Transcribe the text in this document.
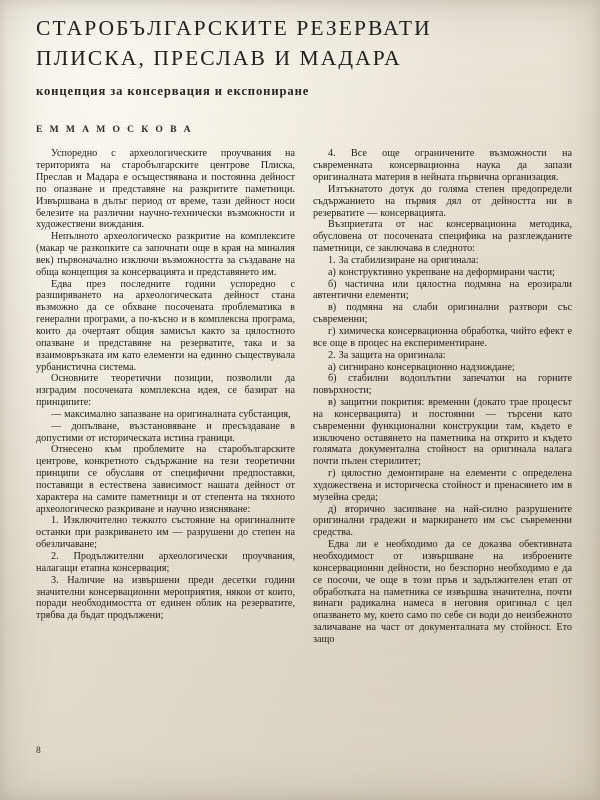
СТАРОБЪЛГАРСКИТЕ РЕЗЕРВАТИ
ПЛИСКА, ПРЕСЛАВ И МАДАРА
концепция за консервация и експониране
Е М М А М О С К О В А

Успоредно с археологическите проучвания на територията на старобългарските центрове Плиска, Преслав и Мадара е осъществявана и постоянна дейност по опазване и представяне на разкритите паметници. Извършвана в дълъг период от време, тази дейност носи белезите на различни научно-технически възможности и художествени виждания.

Непълното археологическо разкритие на комплексите (макар че разкопките са започнати още в края на миналия век) първоначално изключи възможността за създаване на обща концепция за консервацията и представянето им.

Едва през последните години успоредно с разширяването на археологическата дейност стана възможно да се обхване посочената проблематика в генерални програми, а по-късно и в комплексна програма, които да очертаят общия замисъл както за цялостното опазване и представяне на резерватите, така и за взаимовръзката им като елементи на единно съществувала урбанистична система.

Основните теоретични позиции, позволили да изградим посочената комплексна идея, се базират на принципите:

— максимално запазване на оригиналната субстанция,

— допълване, възстановяване и пресъздаване в допустими от историческата истина граници.

Отнесено към проблемите на старобългарските центрове, конкретното съдържание на тези теоретични принципи се обуславя от специфични предпоставки, поставящи в естествена зависимост нашата дейност от характера на самите паметници и от степента на тяхното археологическо разкриване и научно изясняване:

1. Изключително тежкото състояние на оригиналните останки при разкриването им — разрушени до степен на обезличаване;

2. Продължителни археологически проучвания, налагащи етапна консервация;

3. Наличие на извършени преди десетки години значителни консервационни мероприятия, някои от които, поради необходимостта от единен облик на резерватите, трябва да бъдат продължени;

4. Все още ограничените възможности на съвременната консервационна наука да запази оригиналната материя в нейната първична организация.

Изтъкнатото дотук до голяма степен предопредели съдържанието на първия дял от дейността ни в резерватите — консервацията.

Възприетата от нас консервационна методика, обусловена от посочената специфика на разглежданите паметници, се заключава в следното:

1. За стабилизиране на оригинала:

а) конструктивно укрепване на деформирани части;

б) частична или цялостна подмяна на ерозирали автентични елементи;

в) подмяна на слаби оригинални разтвори със съвременни;

г) химическа консервационна обработка, чийто ефект е все още в процес на експериментиране.

2. За защита на оригинала:

а) сигнирано консервационно надзиждане;

б) стабилни водоплътни запечатки на горните повърхности;

в) защитни покрития: временни (докато трае процесът на консервацията) и постоянни — търсени като съвременни функционални конструкции там, където е изключено оставянето на паметника на открито и където голямата документална стойност на оригинала налага почти пълен стерилитет;

г) цялостно демонтиране на елементи с определена художествена и историческа стойност и пренасянето им в музейна среда;

д) вторично засипване на най-силно разрушените оригинални градежи и маркирането им със съвременни средства.

Едва ли е необходимо да се доказва обективната необходимост от извършване на изброените консервационни дейности, но безспорно необходимо е да се посочи, че още в този пръв и задължителен етап от обработката на паметника се извършва значителна, почти винаги радикална намеса в неговия оригинал с цел опазването му, което само по себе си води до неизбежното заличаване на част от документалната му стойност. Ето защо

8
